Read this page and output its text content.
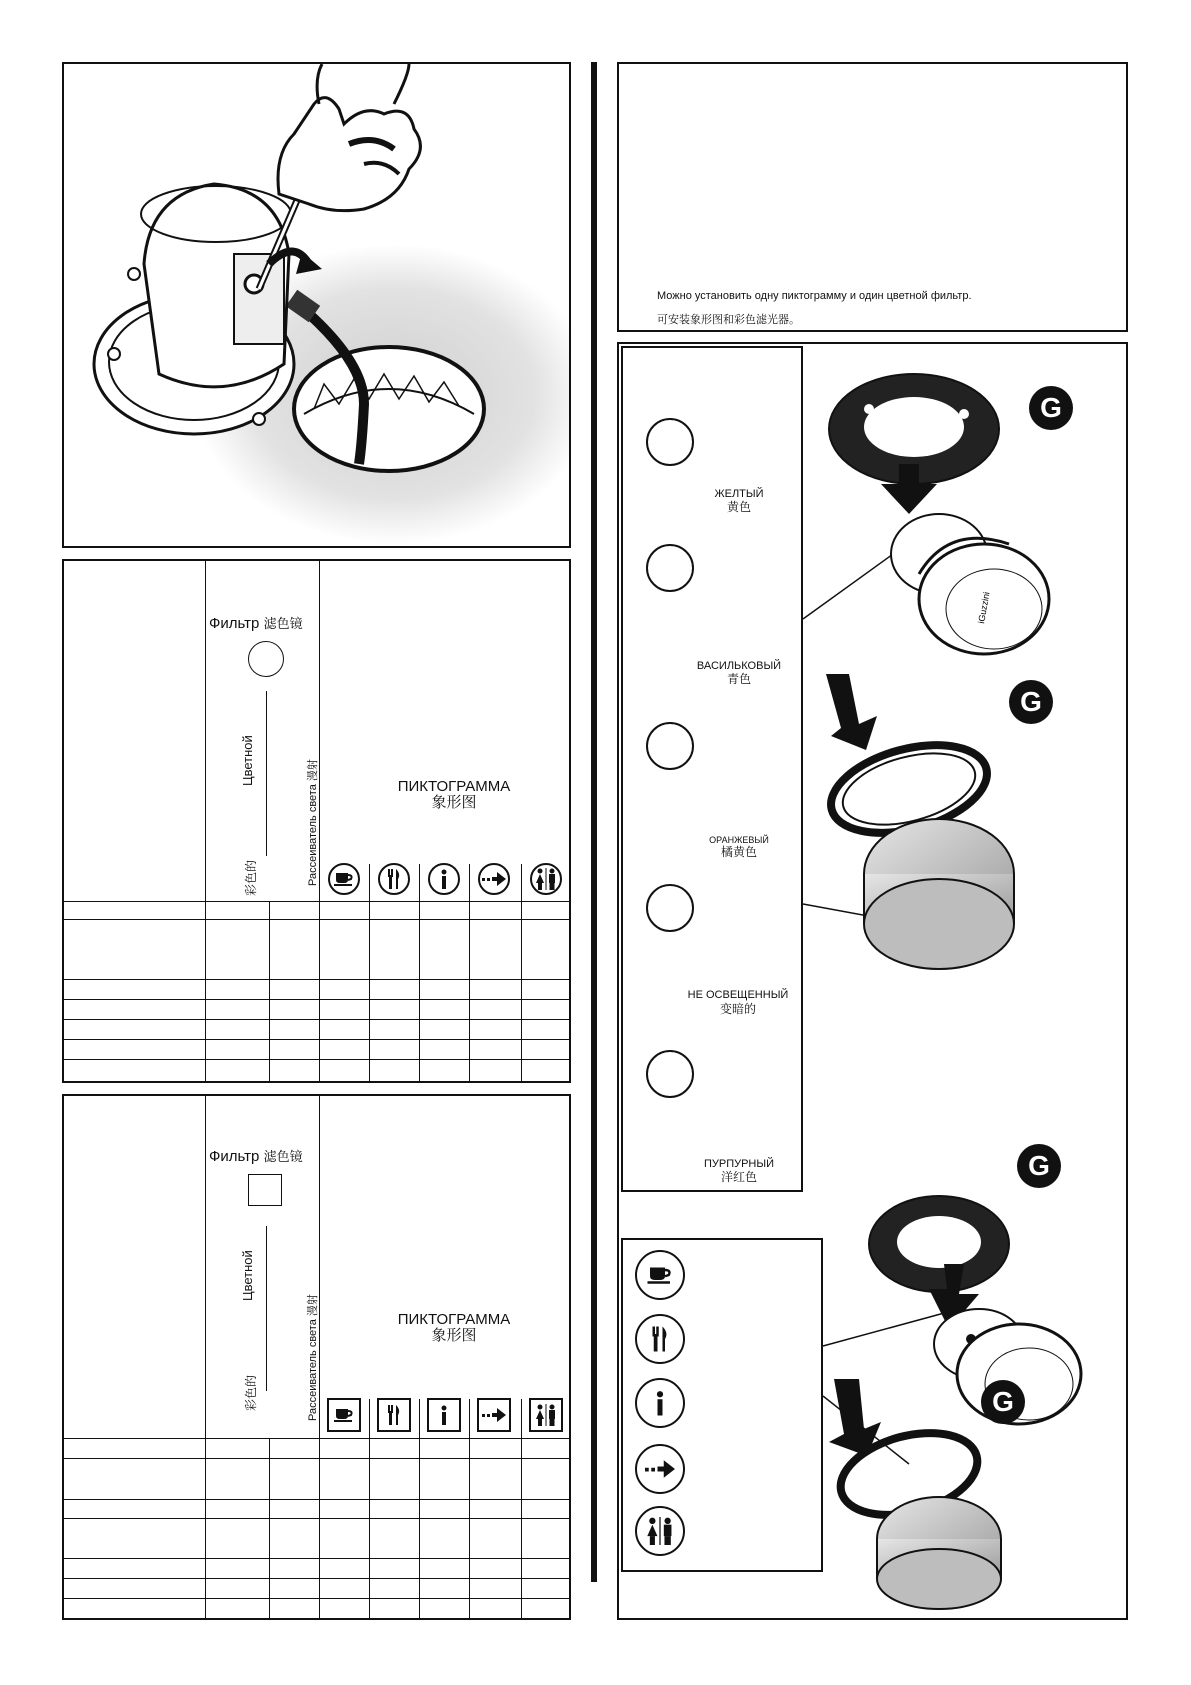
Фильтр 滤色镜
Цветной
彩色的	Рассеиватель света 漫射
ПИКТОГРАММА
象形图
Фильтр 滤色镜
Цветной
彩色的	Рассеиватель света 漫射
ПИКТОГРАММА
象形图
Можно установить одну пиктограмму и один цветной фильтр.
可安装象形图和彩色滤光器。
ЖЕЛТЫЙ
黄色
ВАСИЛЬКОВЫЙ
青色
ОРАНЖЕВЫЙ
橘黄色
НЕ ОСВЕЩЕННЫЙ
变暗的
ПУРПУРНЫЙ
洋红色
iGuzzini
G
G
G
G
